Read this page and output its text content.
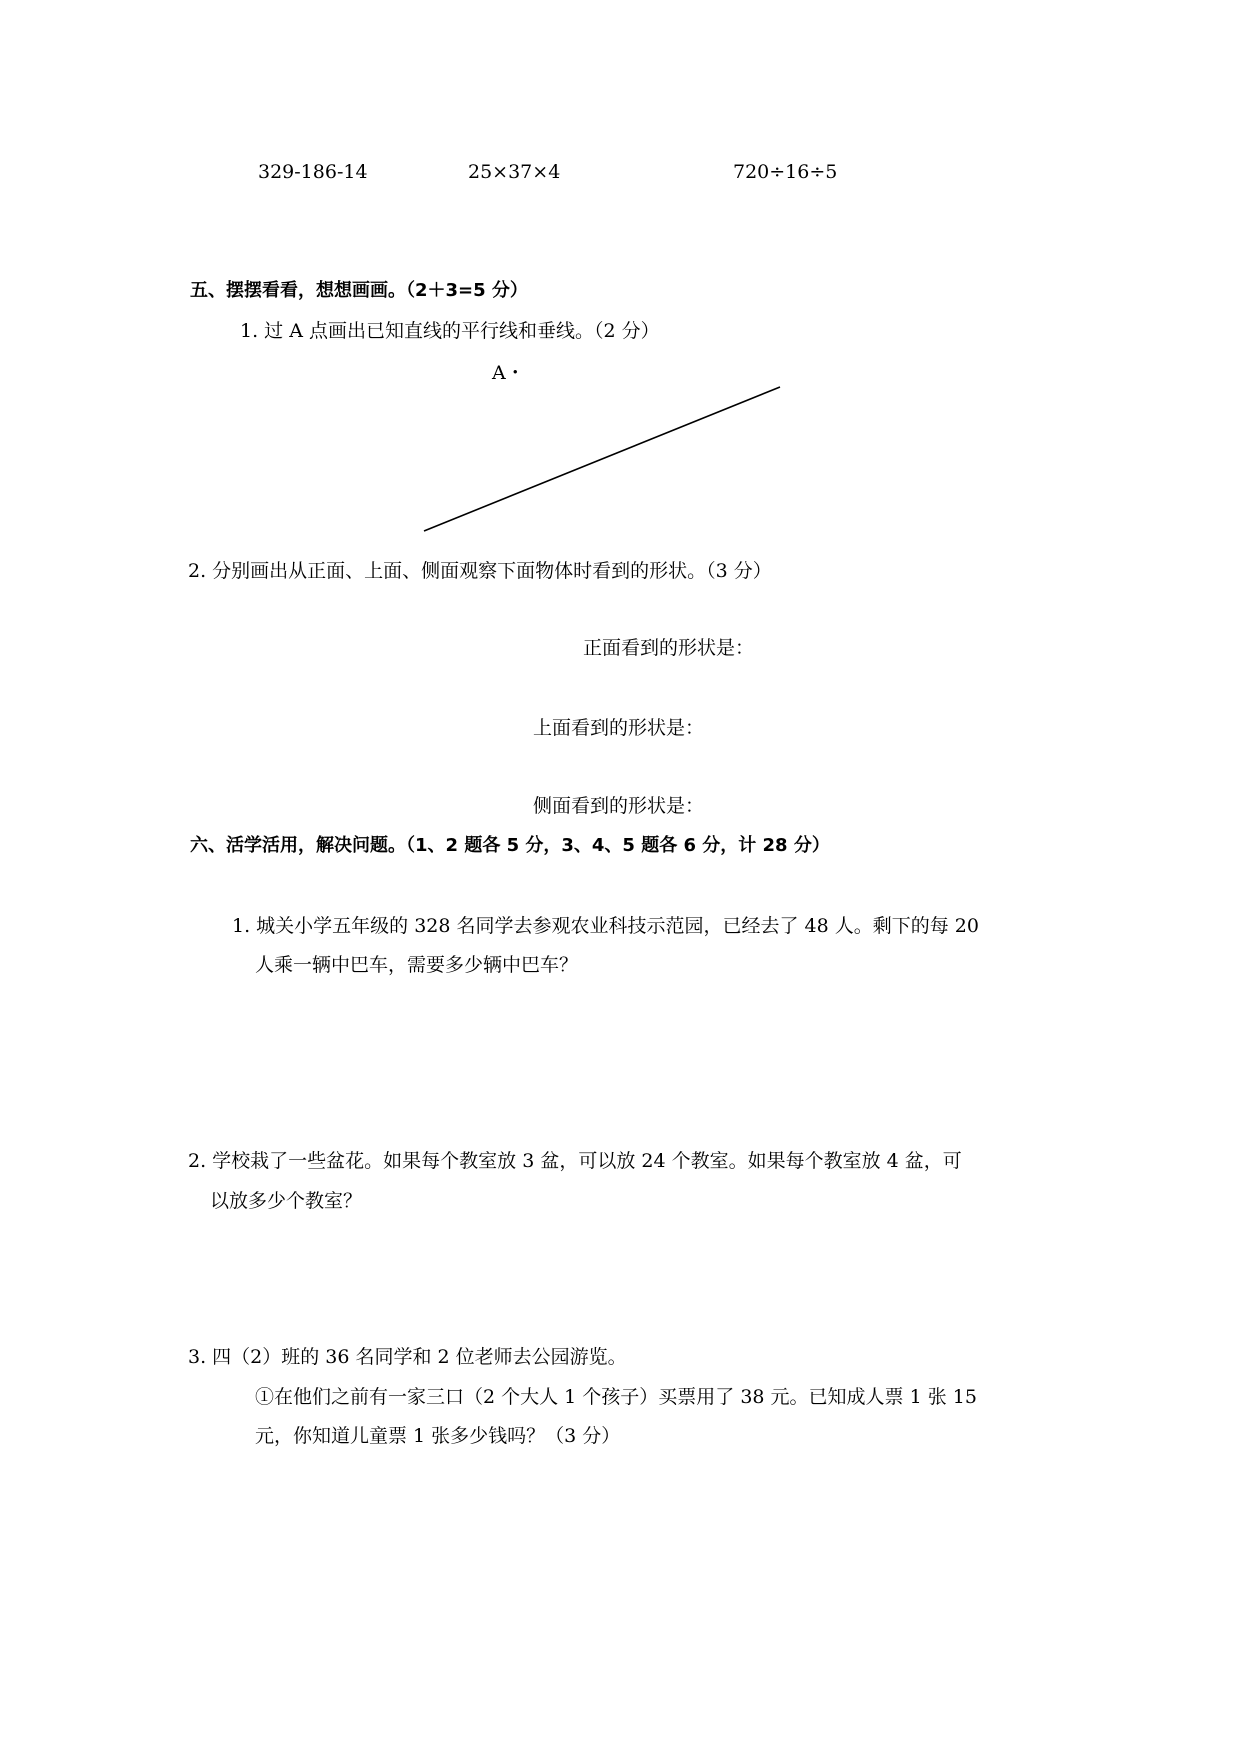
329-186-14	25×37×4	720÷16÷5
五、摆摆看看，想想画画。（2＋3=5 分）
1. 过 A 点画出已知直线的平行线和垂线。（2 分）
A・
2. 分别画出从正面、上面、侧面观察下面物体时看到的形状。（3 分）
正面看到的形状是：
上面看到的形状是：
侧面看到的形状是：
六、活学活用，解决问题。（1、2 题各 5 分，3、4、5 题各 6 分，计 28 分）
1. 城关小学五年级的 328 名同学去参观农业科技示范园，已经去了 48 人。剩下的每 20
人乘一辆中巴车，需要多少辆中巴车？
2. 学校栽了一些盆花。如果每个教室放 3 盆，可以放 24 个教室。如果每个教室放 4 盆，可
以放多少个教室？
3. 四（2）班的 36 名同学和 2 位老师去公园游览。
①在他们之前有一家三口（2 个大人 1 个孩子）买票用了 38 元。已知成人票 1 张 15
元，你知道儿童票 1 张多少钱吗？（3 分）
